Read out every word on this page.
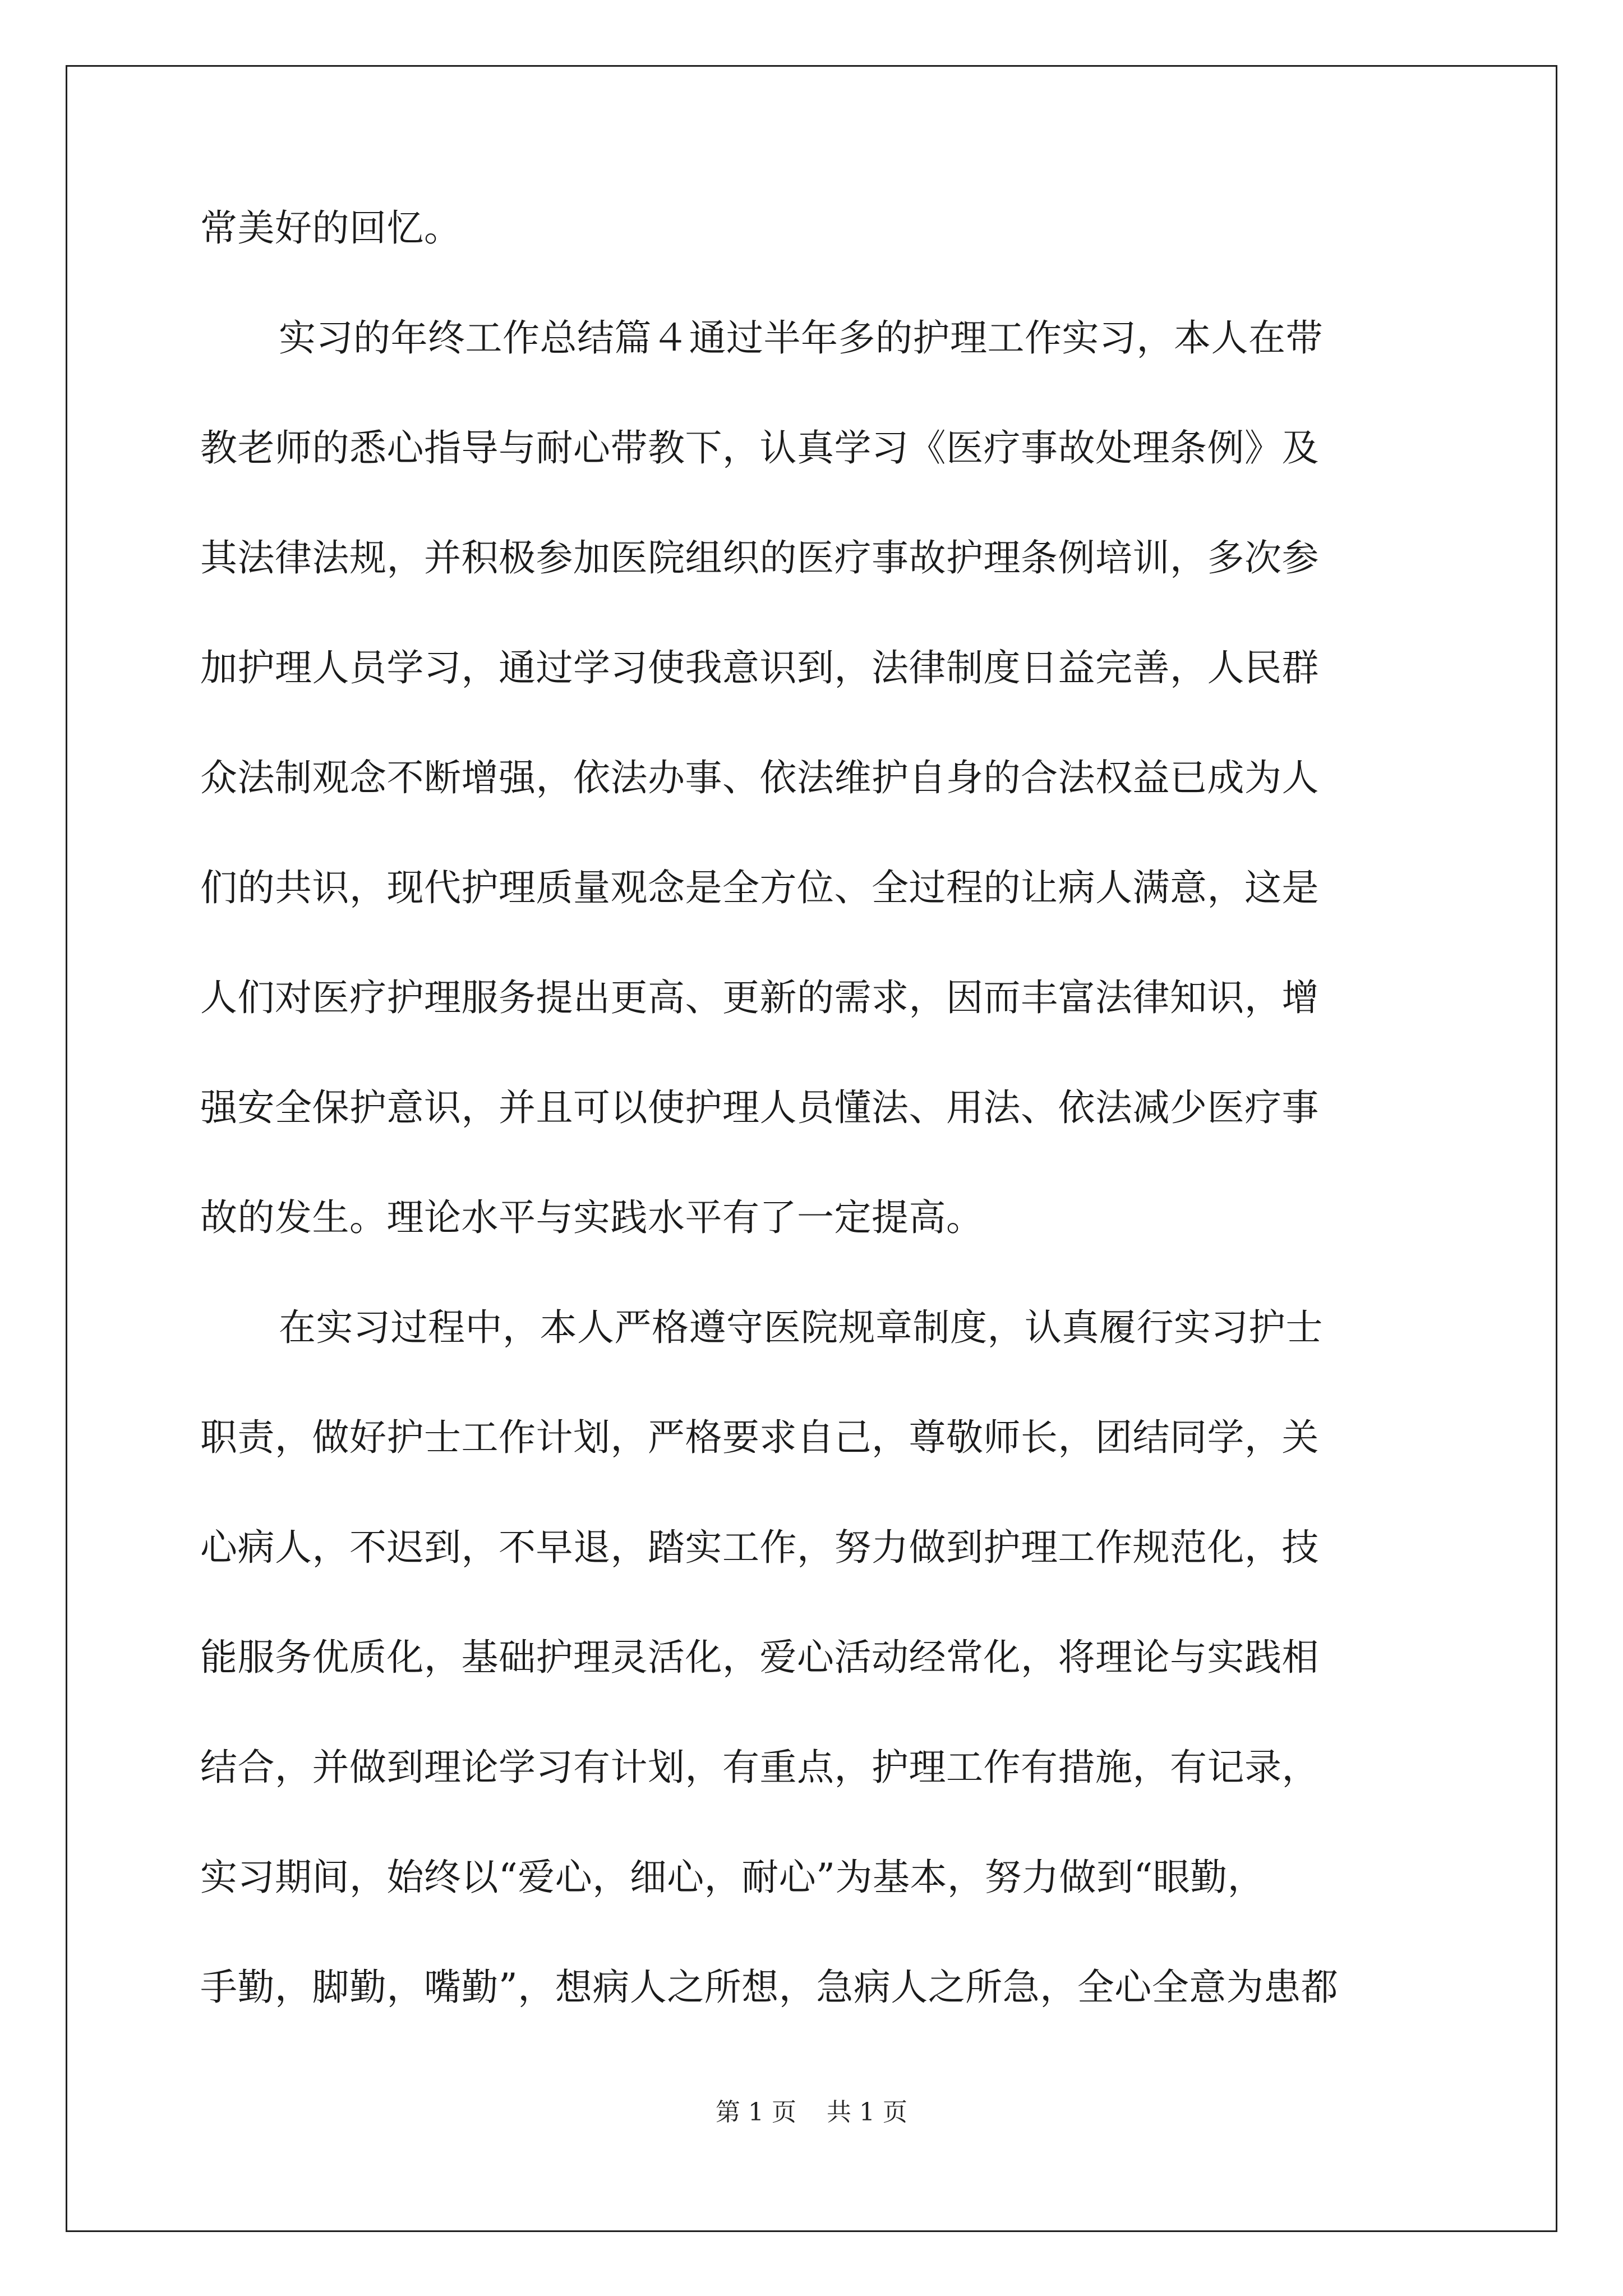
常美好的回忆。
实习的年终工作总结篇４通过半年多的护理工作实习，本人在带
教老师的悉心指导与耐心带教下，认真学习《医疗事故处理条例》及
其法律法规，并积极参加医院组织的医疗事故护理条例培训，多次参
加护理人员学习，通过学习使我意识到，法律制度日益完善，人民群
众法制观念不断增强，依法办事、依法维护自身的合法权益已成为人
们的共识，现代护理质量观念是全方位、全过程的让病人满意，这是
人们对医疗护理服务提出更高、更新的需求，因而丰富法律知识，增
强安全保护意识，并且可以使护理人员懂法、用法、依法减少医疗事
故的发生。理论水平与实践水平有了一定提高。
在实习过程中，本人严格遵守医院规章制度，认真履行实习护士
职责，做好护士工作计划，严格要求自己，尊敬师长，团结同学，关
心病人，不迟到，不早退，踏实工作，努力做到护理工作规范化，技
能服务优质化，基础护理灵活化，爱心活动经常化，将理论与实践相
结合，并做到理论学习有计划，有重点，护理工作有措施，有记录，
实习期间，始终以“爱心，细心，耐心”为基本，努力做到“眼勤，
手勤，脚勤，嘴勤”，想病人之所想，急病人之所急，全心全意为患都
第 1 页 共 1 页
